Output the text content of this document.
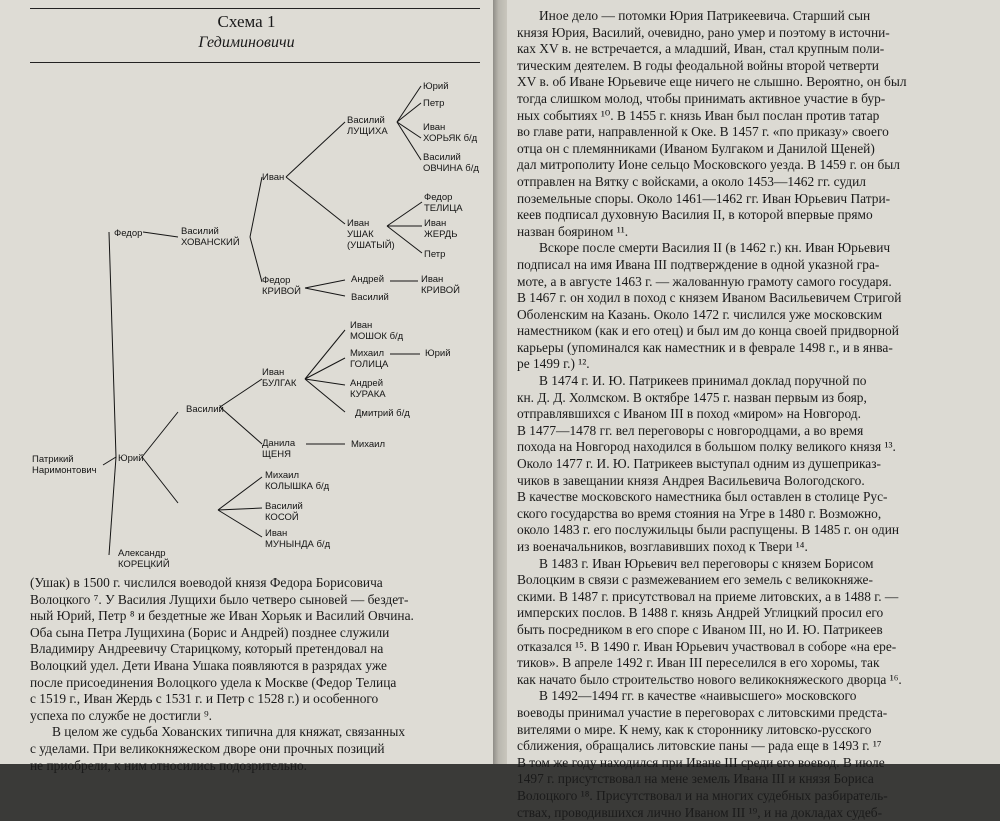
Схема 1
Гедиминовичи
Патрикий
Наримонтович
Федор
Юрий
Александр
КОРЕЦКИЙ
Василий
ХОВАНСКИЙ
Иван
Федор
КРИВОЙ
Василий
ЛУЩИХА
Иван
УШАК
(УШАТЫЙ)
Юрий
Петр
Иван
ХОРЬЯК б/д
Василий
ОВЧИНА б/д
Федор
ТЕЛИЦА
Иван
ЖЕРДЬ
Петр
Андрей
Василий
Иван
КРИВОЙ
Василий
Иван
БУЛГАК
Иван
МОШОК б/д
Михаил
ГОЛИЦА
Юрий
Андрей
КУРАКА
Дмитрий б/д
Данила
ЩЕНЯ
Михаил
Михаил
КОЛЫШКА б/д
Василий
КОСОЙ
Иван
МУНЫНДА б/д

(Ушак) в 1500 г. числился воеводой князя Федора Борисовича

Волоцкого ⁷. У Василия Лущихи было четверо сыновей — бездет-

ный Юрий, Петр ⁸ и бездетные же Иван Хорьяк и Василий Овчина.

Оба сына Петра Лущихина (Борис и Андрей) позднее служили

Владимиру Андреевичу Старицкому, который претендовал на

Волоцкий удел. Дети Ивана Ушака появляются в разрядах уже

после присоединения Волоцкого удела к Москве (Федор Телица

с 1519 г., Иван Жердь с 1531 г. и Петр с 1528 г.) и особенного

успеха по службе не достигли ⁹.

В целом же судьба Хованских типична для княжат, связанных

с уделами. При великокняжеском дворе они прочных позиций

не приобрели, к ним относились подозрительно.

Иное дело — потомки Юрия Патрикеевича. Старший сын

князя Юрия, Василий, очевидно, рано умер и поэтому в источни-

ках XV в. не встречается, а младший, Иван, стал крупным поли-

тическим деятелем. В годы феодальной войны второй четверти

XV в. об Иване Юрьевиче еще ничего не слышно. Вероятно, он был

тогда слишком молод, чтобы принимать активное участие в бур-

ных событиях ¹⁰. В 1455 г. князь Иван был послан против татар

во главе рати, направленной к Оке. В 1457 г. «по приказу» своего

отца он с племянниками (Иваном Булгаком и Данилой Щеней)

дал митрополиту Ионе сельцо Московского уезда. В 1459 г. он был

отправлен на Вятку с войсками, а около 1453—1462 гг. судил

поземельные споры. Около 1461—1462 гг. Иван Юрьевич Патри-

кеев подписал духовную Василия II, в которой впервые прямо

назван боярином ¹¹.

Вскоре после смерти Василия II (в 1462 г.) кн. Иван Юрьевич

подписал на имя Ивана III подтверждение в одной указной гра-

моте, а в августе 1463 г. — жалованную грамоту самого государя.

В 1467 г. он ходил в поход с князем Иваном Васильевичем Стригой

Оболенским на Казань. Около 1472 г. числился уже московским

наместником (как и его отец) и был им до конца своей придворной

карьеры (упоминался как наместник и в феврале 1498 г., и в янва-

ре 1499 г.) ¹².

В 1474 г. И. Ю. Патрикеев принимал доклад поручной по

кн. Д. Д. Холмском. В октябре 1475 г. назван первым из бояр,

отправлявшихся с Иваном III в поход «миром» на Новгород.

В 1477—1478 гг. вел переговоры с новгородцами, а во время

похода на Новгород находился в большом полку великого князя ¹³.

Около 1477 г. И. Ю. Патрикеев выступал одним из душеприказ-

чиков в завещании князя Андрея Васильевича Вологодского.

В качестве московского наместника был оставлен в столице Рус-

ского государства во время стояния на Угре в 1480 г. Возможно,

около 1483 г. его послужильцы были распущены. В 1485 г. он один

из военачальников, возглавивших поход к Твери ¹⁴.

В 1483 г. Иван Юрьевич вел переговоры с князем Борисом

Волоцким в связи с размежеванием его земель с великокняже-

скими. В 1487 г. присутствовал на приеме литовских, а в 1488 г. —

имперских послов. В 1488 г. князь Андрей Углицкий просил его

быть посредником в его споре с Иваном III, но И. Ю. Патрикеев

отказался ¹⁵. В 1490 г. Иван Юрьевич участвовал в соборе «на ере-

тиков». В апреле 1492 г. Иван III переселился в его хоромы, так

как начато было строительство нового великокняжеского дворца ¹⁶.

В 1492—1494 гг. в качестве «наивысшего» московского

воеводы принимал участие в переговорах с литовскими предста-

вителями о мире. К нему, как к стороннику литовско-русского

сближения, обращались литовские паны — рада еще в 1493 г. ¹⁷

В том же году находился при Иване III среди его воевод. В июле

1497 г. присутствовал на мене земель Ивана III и князя Бориса

Волоцкого ¹⁸. Присутствовал и на многих судебных разбиратель-

ствах, проводившихся лично Иваном III ¹⁹, и на докладах судеб-
